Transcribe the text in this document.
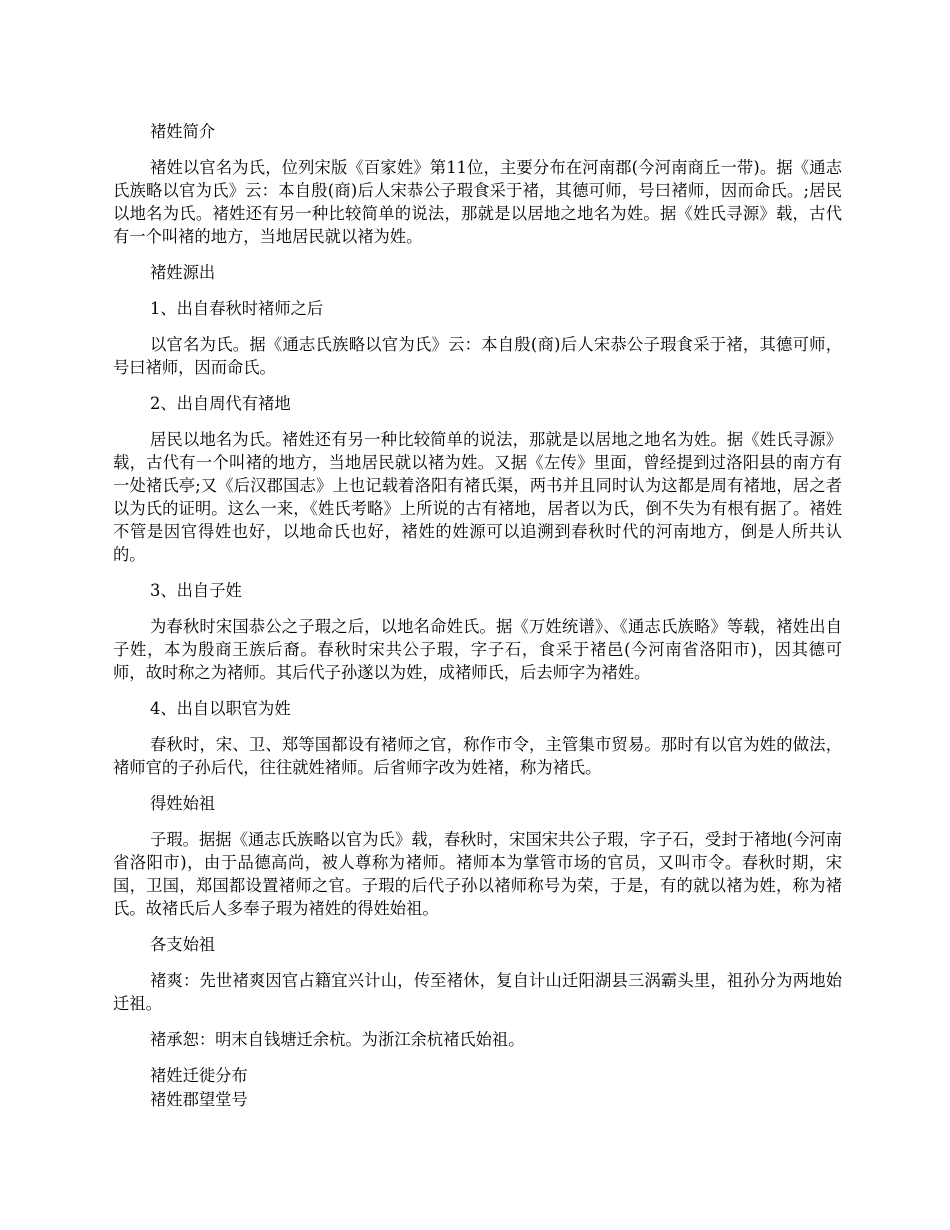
褚姓简介

褚姓以官名为氏，位列宋版《百家姓》第11位，主要分布在河南郡(今河南商丘一带)。据《通志氏族略以官为氏》云：本自殷(商)后人宋恭公子瑕食采于褚，其德可师，号曰褚师，因而命氏。;居民以地名为氏。褚姓还有另一种比较简单的说法，那就是以居地之地名为姓。据《姓氏寻源》载，古代有一个叫褚的地方，当地居民就以褚为姓。

褚姓源出

1、出自春秋时褚师之后

以官名为氏。据《通志氏族略以官为氏》云：本自殷(商)后人宋恭公子瑕食采于褚，其德可师，号曰褚师，因而命氏。

2、出自周代有褚地

居民以地名为氏。褚姓还有另一种比较简单的说法，那就是以居地之地名为姓。据《姓氏寻源》载，古代有一个叫褚的地方，当地居民就以褚为姓。又据《左传》里面，曾经提到过洛阳县的南方有一处褚氏亭;又《后汉郡国志》上也记载着洛阳有褚氏渠，两书并且同时认为这都是周有褚地，居之者以为氏的证明。这么一来，《姓氏考略》上所说的古有褚地，居者以为氏，倒不失为有根有据了。褚姓不管是因官得姓也好，以地命氏也好，褚姓的姓源可以追溯到春秋时代的河南地方，倒是人所共认的。

3、出自子姓

为春秋时宋国恭公之子瑕之后，以地名命姓氏。据《万姓统谱》、《通志氏族略》等载，褚姓出自子姓，本为殷商王族后裔。春秋时宋共公子瑕，字子石，食采于褚邑(今河南省洛阳市)，因其德可师，故时称之为褚师。其后代子孙遂以为姓，成褚师氏，后去师字为褚姓。

4、出自以职官为姓

春秋时，宋、卫、郑等国都设有褚师之官，称作市令，主管集市贸易。那时有以官为姓的做法，褚师官的子孙后代，往往就姓褚师。后省师字改为姓褚，称为褚氏。

得姓始祖

子瑕。据据《通志氏族略以官为氏》载，春秋时，宋国宋共公子瑕，字子石，受封于褚地(今河南省洛阳市)，由于品德高尚，被人尊称为褚师。褚师本为掌管市场的官员，又叫市令。春秋时期，宋国，卫国，郑国都设置褚师之官。子瑕的后代子孙以褚师称号为荣，于是，有的就以褚为姓，称为褚氏。故褚氏后人多奉子瑕为褚姓的得姓始祖。

各支始祖

褚爽：先世褚爽因官占籍宜兴计山，传至褚休，复自计山迁阳湖县三涡霸头里，祖孙分为两地始迁祖。

褚承恕：明末自钱塘迁余杭。为浙江余杭褚氏始祖。

褚姓迁徙分布

褚姓郡望堂号
